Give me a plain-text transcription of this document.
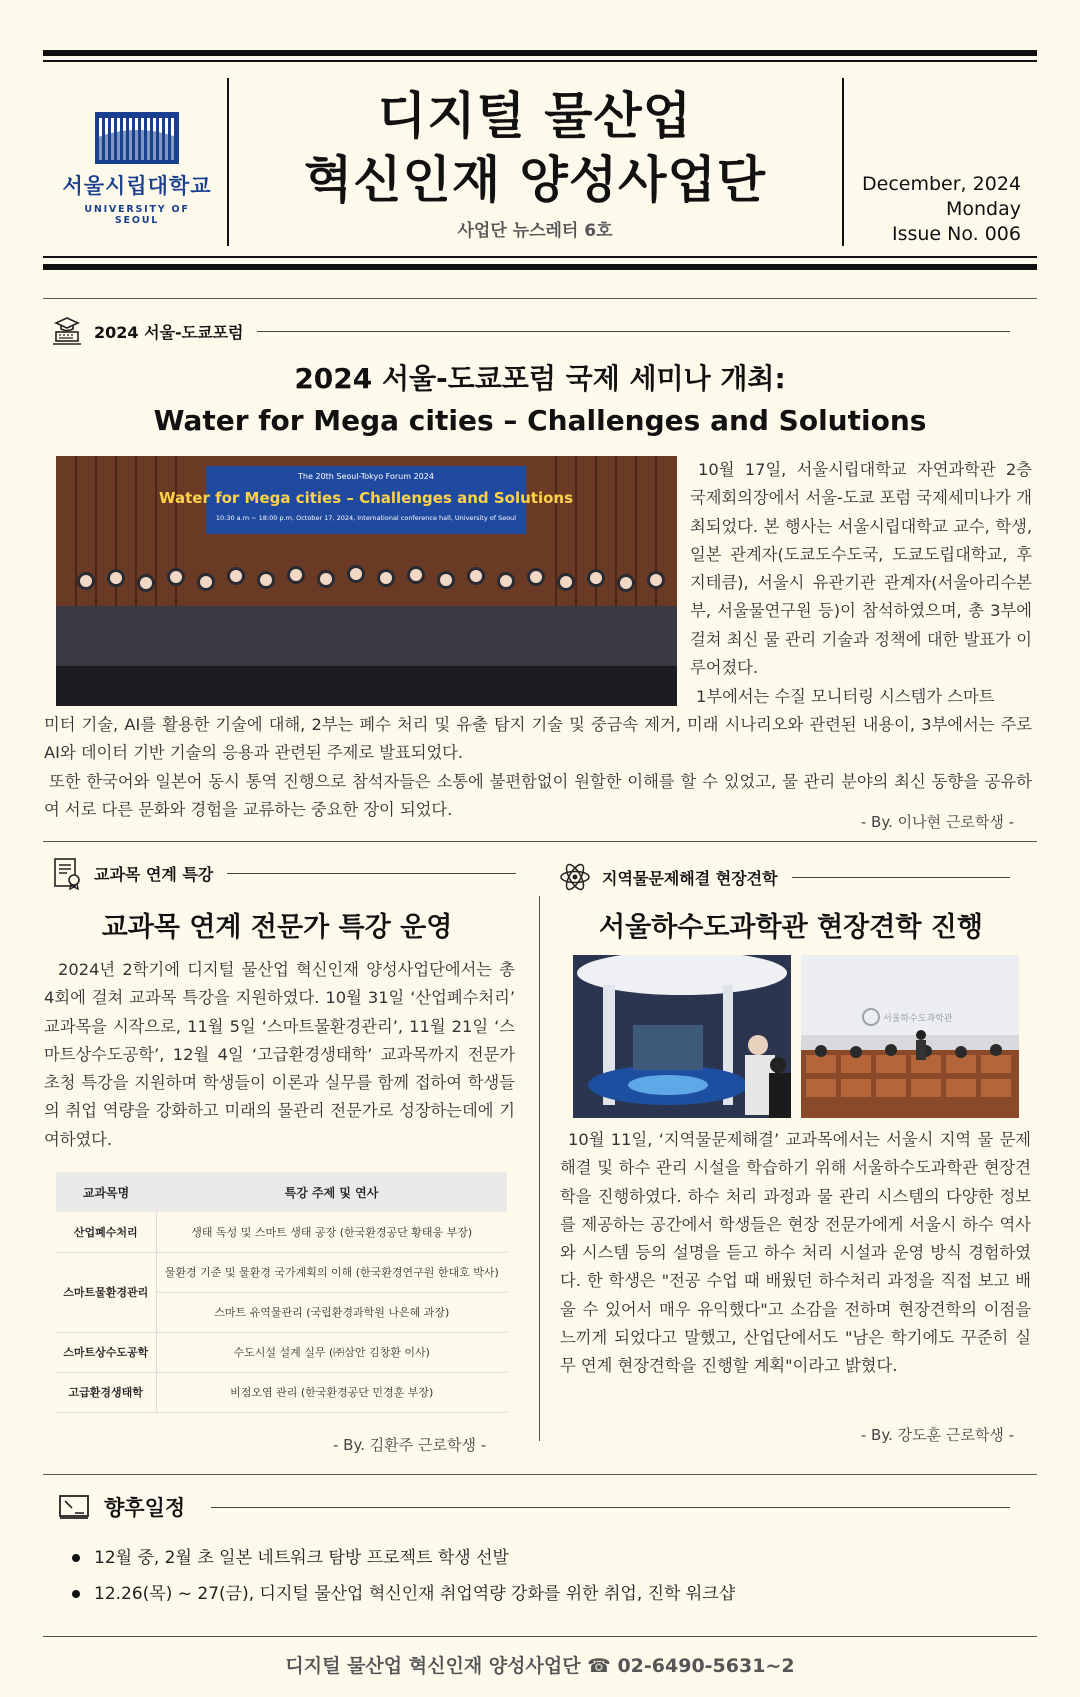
서울시립대학교
UNIVERSITY OF SEOUL
디지털 물산업
혁신인재 양성사업단
사업단 뉴스레터 6호
December, 2024
Monday
Issue No. 006
2024 서울-도쿄포럼
2024 서울-도쿄포럼 국제 세미나 개최:
Water for Mega cities – Challenges and Solutions
The 20th Seoul-Tokyo Forum 2024
Water for Mega cities – Challenges and Solutions
10:30 a.m ~ 18:00 p.m, October 17, 2024, International conference hall, University of Seoul
10월 17일, 서울시립대학교 자연과학관 2층 국제회의장에서 서울-도쿄 포럼 국제세미나가 개최되었다. 본 행사는 서울시립대학교 교수, 학생, 일본 관계자(도쿄도수도국, 도쿄도립대학교, 후지테큼), 서울시 유관기관 관계자(서울아리수본부, 서울물연구원 등)이 참석하였으며, 총 3부에 걸쳐 최신 물 관리 기술과 정책에 대한 발표가 이루어졌다.
1부에서는 수질 모니터링 시스템가 스마트
미터 기술, AI를 활용한 기술에 대해, 2부는 폐수 처리 및 유출 탐지 기술 및 중금속 제거, 미래 시나리오와 관련된 내용이, 3부에서는 주로 AI와 데이터 기반 기술의 응용과 관련된 주제로 발표되었다.
또한 한국어와 일본어 동시 통역 진행으로 참석자들은 소통에 불편함없이 원할한 이해를 할 수 있었고, 물 관리 분야의 최신 동향을 공유하여 서로 다른 문화와 경험을 교류하는 중요한 장이 되었다.
- By. 이나현 근로학생 -
교과목 연계 특강
교과목 연계 전문가 특강 운영
2024년 2학기에 디지털 물산업 혁신인재 양성사업단에서는 총 4회에 걸쳐 교과목 특강을 지원하였다. 10월 31일 ‘산업폐수처리’ 교과목을 시작으로, 11월 5일 ‘스마트물환경관리’, 11월 21일 ‘스마트상수도공학’, 12월 4일 ‘고급환경생태학’ 교과목까지 전문가 초청 특강을 지원하며 학생들이 이론과 실무를 함께 접하여 학생들의 취업 역량을 강화하고 미래의 물관리 전문가로 성장하는데에 기여하였다.
교과목명	특강 주제 및 연사
산업폐수처리	생태 독성 및 스마트 생태 공장 (한국환경공단 황태웅 부장)
스마트물환경관리	물환경 기준 및 물환경 국가계획의 이해 (한국환경연구원 한대호 박사)
	스마트 유역물관리 (국립환경과학원 나은혜 과장)
스마트상수도공학	수도시설 설계 실무 (㈜삼안 김창환 이사)
고급환경생태학	비점오염 관리 (한국환경공단 민경훈 부장)
- By. 김환주 근로학생 -
지역물문제해결 현장견학
서울하수도과학관 현장견학 진행
서울하수도과학관
10월 11일, ‘지역물문제해결’ 교과목에서는 서울시 지역 물 문제 해결 및 하수 관리 시설을 학습하기 위해 서울하수도과학관 현장견학을 진행하였다. 하수 처리 과정과 물 관리 시스템의 다양한 정보를 제공하는 공간에서 학생들은 현장 전문가에게 서울시 하수 역사와 시스템 등의 설명을 듣고 하수 처리 시설과 운영 방식 경험하였다. 한 학생은 "전공 수업 때 배웠던 하수처리 과정을 직접 보고 배울 수 있어서 매우 유익했다"고 소감을 전하며 현장견학의 이점을 느끼게 되었다고 말했고, 산업단에서도 "남은 학기에도 꾸준히 실무 연계 현장견학을 진행할 계획"이라고 밝혔다.
- By. 강도훈 근로학생 -
향후일정
12월 중, 2월 초 일본 네트워크 탐방 프로젝트 학생 선발
12.26(목) ~ 27(금), 디지털 물산업 혁신인재 취업역량 강화를 위한 취업, 진학 워크샵
디지털 물산업 혁신인재 양성사업단 ☎ 02-6490-5631~2
